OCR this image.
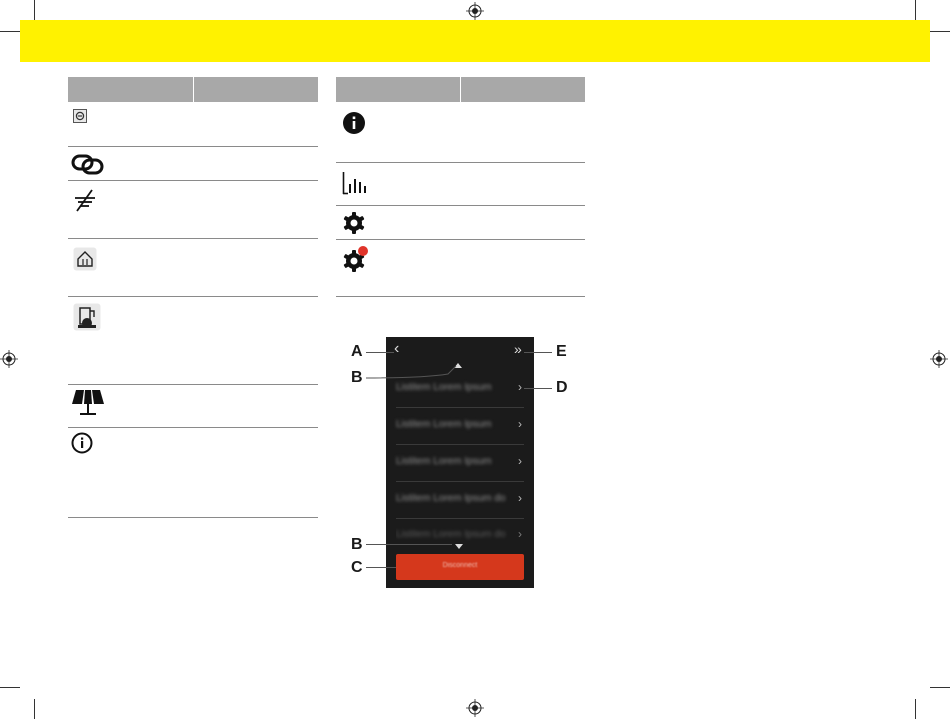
‹	»
Listitem Lorem Ipsum ›
Listitem Lorem Ipsum ›
Listitem Lorem Ipsum ›
Listitem Lorem Ipsum do ›
Listitem Lorem Ipsum do ›
Disconnect
A
B
B
C
D
E
